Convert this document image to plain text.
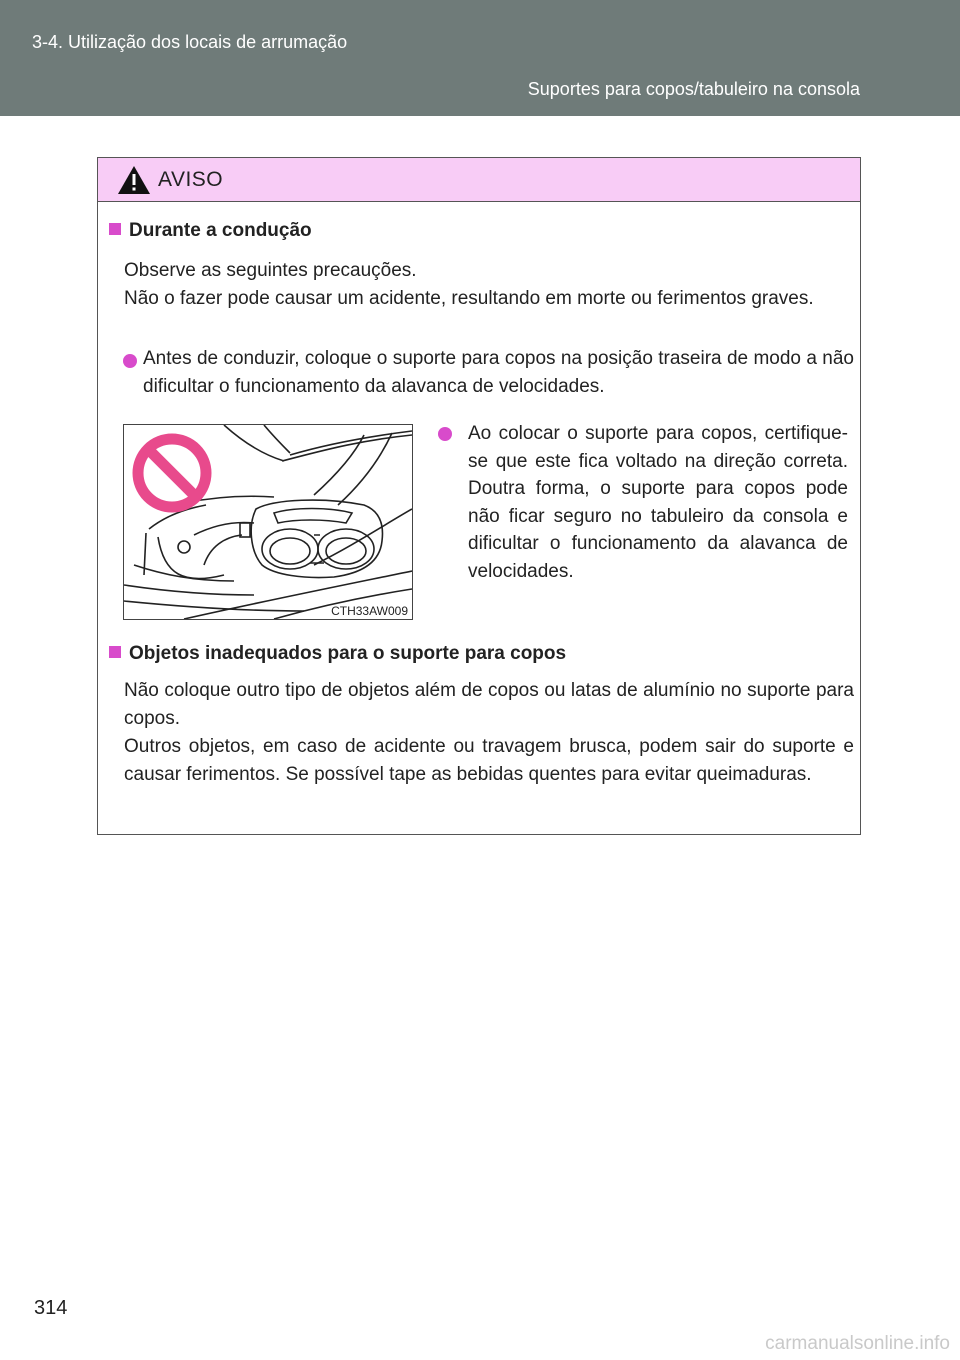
3-4. Utilização dos locais de arrumação
Suportes para copos/tabuleiro na consola
AVISO
Durante a condução
Observe as seguintes precauções.
Não o fazer pode causar um acidente, resultando em morte ou ferimentos graves.
Antes de conduzir, coloque o suporte para copos na posição traseira de modo a não dificultar o funcionamento da alavanca de velocidades.
CTH33AW009
Ao colocar o suporte para copos, certifique-se que este fica voltado na direção correta. Doutra forma, o suporte para copos pode não ficar seguro no tabuleiro da consola e dificultar o funcionamento da alavanca de velocidades.
Objetos inadequados para o suporte para copos
Não coloque outro tipo de objetos além de copos ou latas de alumínio no suporte para copos.
Outros objetos, em caso de acidente ou travagem brusca, podem sair do suporte e causar ferimentos. Se possível tape as bebidas quentes para evitar queimaduras.
314
carmanualsonline.info
